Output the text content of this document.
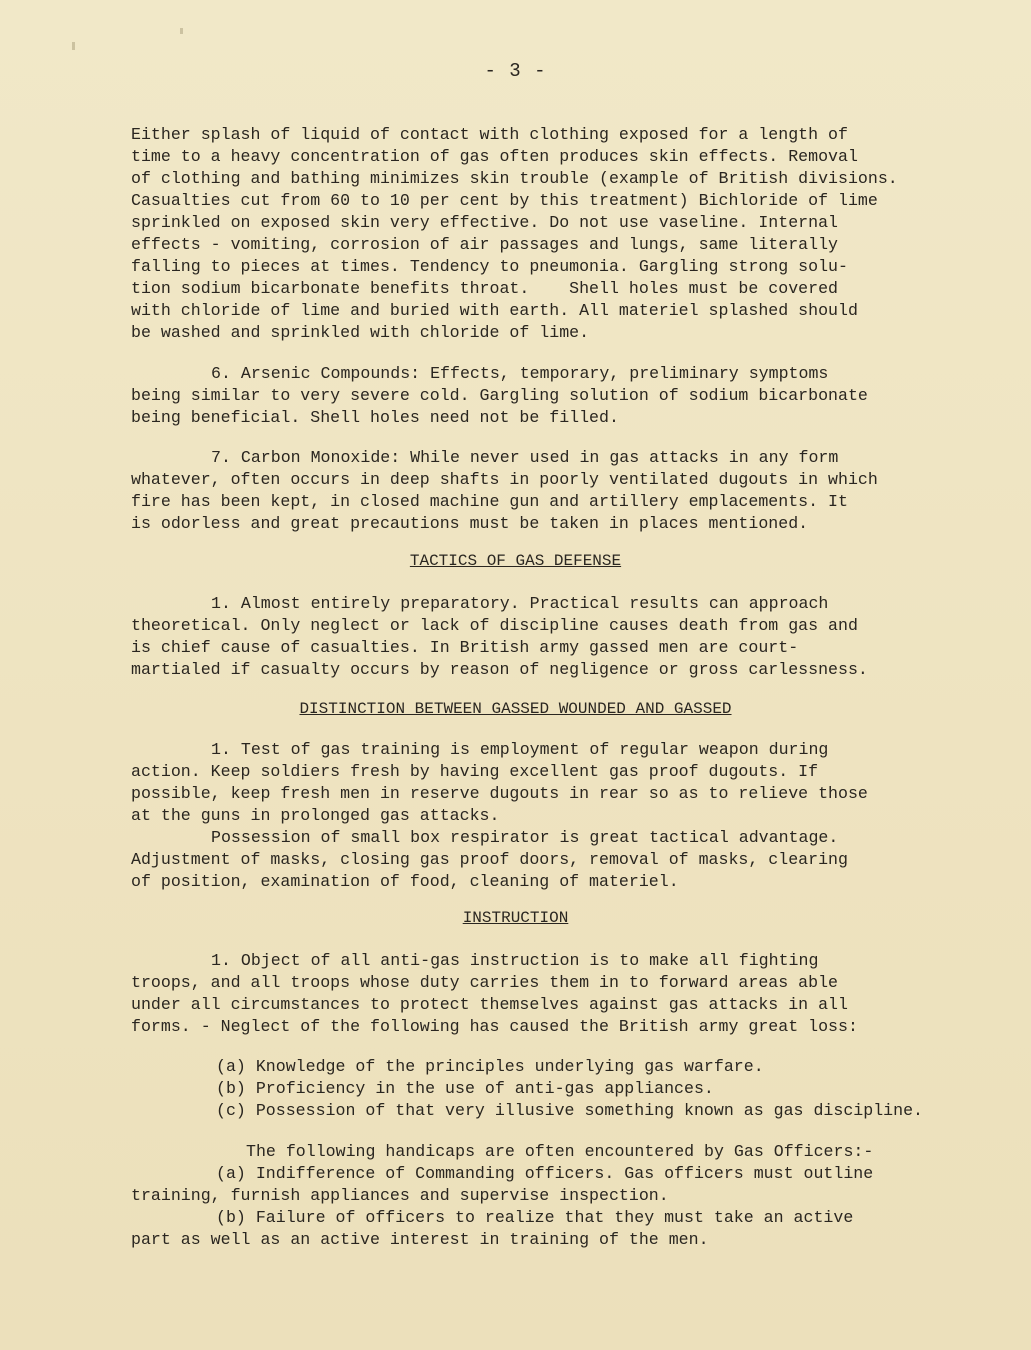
- 3 -
Either splash of liquid of contact with clothing exposed for a length of
time to a heavy concentration of gas often produces skin effects. Removal
of clothing and bathing minimizes skin trouble (example of British divisions.
Casualties cut from 60 to 10 per cent by this treatment) Bichloride of lime
sprinkled on exposed skin very effective. Do not use vaseline. Internal
effects - vomiting, corrosion of air passages and lungs, same literally
falling to pieces at times. Tendency to pneumonia. Gargling strong solu-
tion sodium bicarbonate benefits throat.    Shell holes must be covered
with chloride of lime and buried with earth. All materiel splashed should
be washed and sprinkled with chloride of lime.
6. Arsenic Compounds: Effects, temporary, preliminary symptoms
being similar to very severe cold. Gargling solution of sodium bicarbonate
being beneficial. Shell holes need not be filled.
7. Carbon Monoxide: While never used in gas attacks in any form
whatever, often occurs in deep shafts in poorly ventilated dugouts in which
fire has been kept, in closed machine gun and artillery emplacements. It
is odorless and great precautions must be taken in places mentioned.
TACTICS OF GAS DEFENSE
1. Almost entirely preparatory. Practical results can approach
theoretical. Only neglect or lack of discipline causes death from gas and
is chief cause of casualties. In British army gassed men are court-
martialed if casualty occurs by reason of negligence or gross carlessness.
DISTINCTION BETWEEN GASSED WOUNDED AND GASSED
1. Test of gas training is employment of regular weapon during
action. Keep soldiers fresh by having excellent gas proof dugouts. If
possible, keep fresh men in reserve dugouts in rear so as to relieve those
at the guns in prolonged gas attacks.
Possession of small box respirator is great tactical advantage.
Adjustment of masks, closing gas proof doors, removal of masks, clearing
of position, examination of food, cleaning of materiel.
INSTRUCTION
1. Object of all anti-gas instruction is to make all fighting
troops, and all troops whose duty carries them in to forward areas able
under all circumstances to protect themselves against gas attacks in all
forms. - Neglect of the following has caused the British army great loss:
(a) Knowledge of the principles underlying gas warfare.
(b) Proficiency in the use of anti-gas appliances.
(c) Possession of that very illusive something known as gas discipline.
The following handicaps are often encountered by Gas Officers:-
(a) Indifference of Commanding officers. Gas officers must outline
training, furnish appliances and supervise inspection.
(b) Failure of officers to realize that they must take an active
part as well as an active interest in training of the men.
